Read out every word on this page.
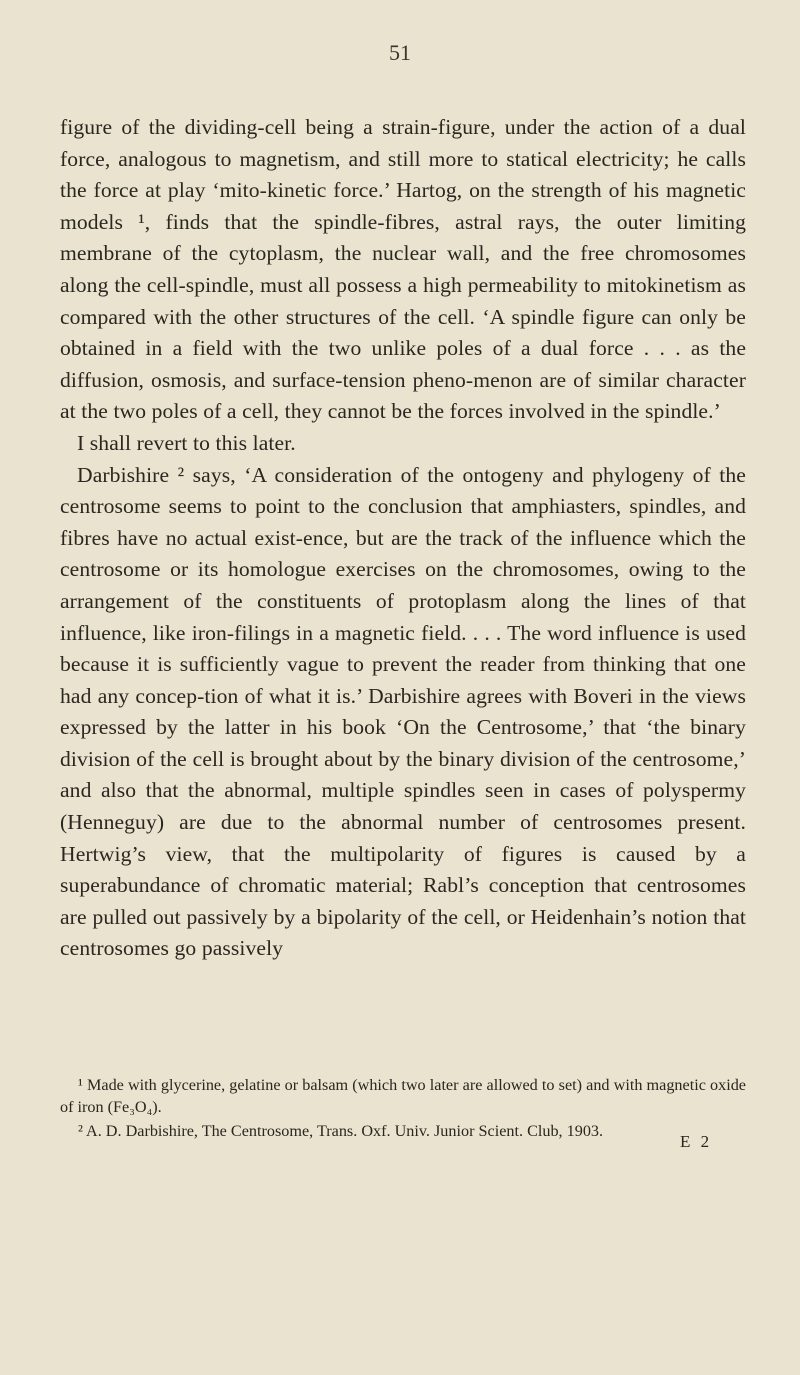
51

figure of the dividing-cell being a strain-figure, under the action of a dual force, analogous to magnetism, and still more to statical electricity; he calls the force at play ‘mito-kinetic force.’ Hartog, on the strength of his magnetic models ¹, finds that the spindle-fibres, astral rays, the outer limiting membrane of the cytoplasm, the nuclear wall, and the free chromosomes along the cell-spindle, must all possess a high permeability to mitokinetism as compared with the other structures of the cell. ‘A spindle figure can only be obtained in a field with the two unlike poles of a dual force . . . as the diffusion, osmosis, and surface-tension pheno-menon are of similar character at the two poles of a cell, they cannot be the forces involved in the spindle.’

I shall revert to this later.

Darbishire ² says, ‘A consideration of the ontogeny and phylogeny of the centrosome seems to point to the conclusion that amphiasters, spindles, and fibres have no actual exist-ence, but are the track of the influence which the centrosome or its homologue exercises on the chromosomes, owing to the arrangement of the constituents of protoplasm along the lines of that influence, like iron-filings in a magnetic field. . . . The word influence is used because it is sufficiently vague to prevent the reader from thinking that one had any concep-tion of what it is.’ Darbishire agrees with Boveri in the views expressed by the latter in his book ‘On the Centrosome,’ that ‘the binary division of the cell is brought about by the binary division of the centrosome,’ and also that the abnormal, multiple spindles seen in cases of polyspermy (Henneguy) are due to the abnormal number of centrosomes present. Hertwig’s view, that the multipolarity of figures is caused by a superabundance of chromatic material; Rabl’s conception that centrosomes are pulled out passively by a bipolarity of the cell, or Heidenhain’s notion that centrosomes go passively

¹ Made with glycerine, gelatine or balsam (which two later are allowed to set) and with magnetic oxide of iron (Fe₃O₄).

² A. D. Darbishire, The Centrosome, Trans. Oxf. Univ. Junior Scient. Club, 1903.

E 2
